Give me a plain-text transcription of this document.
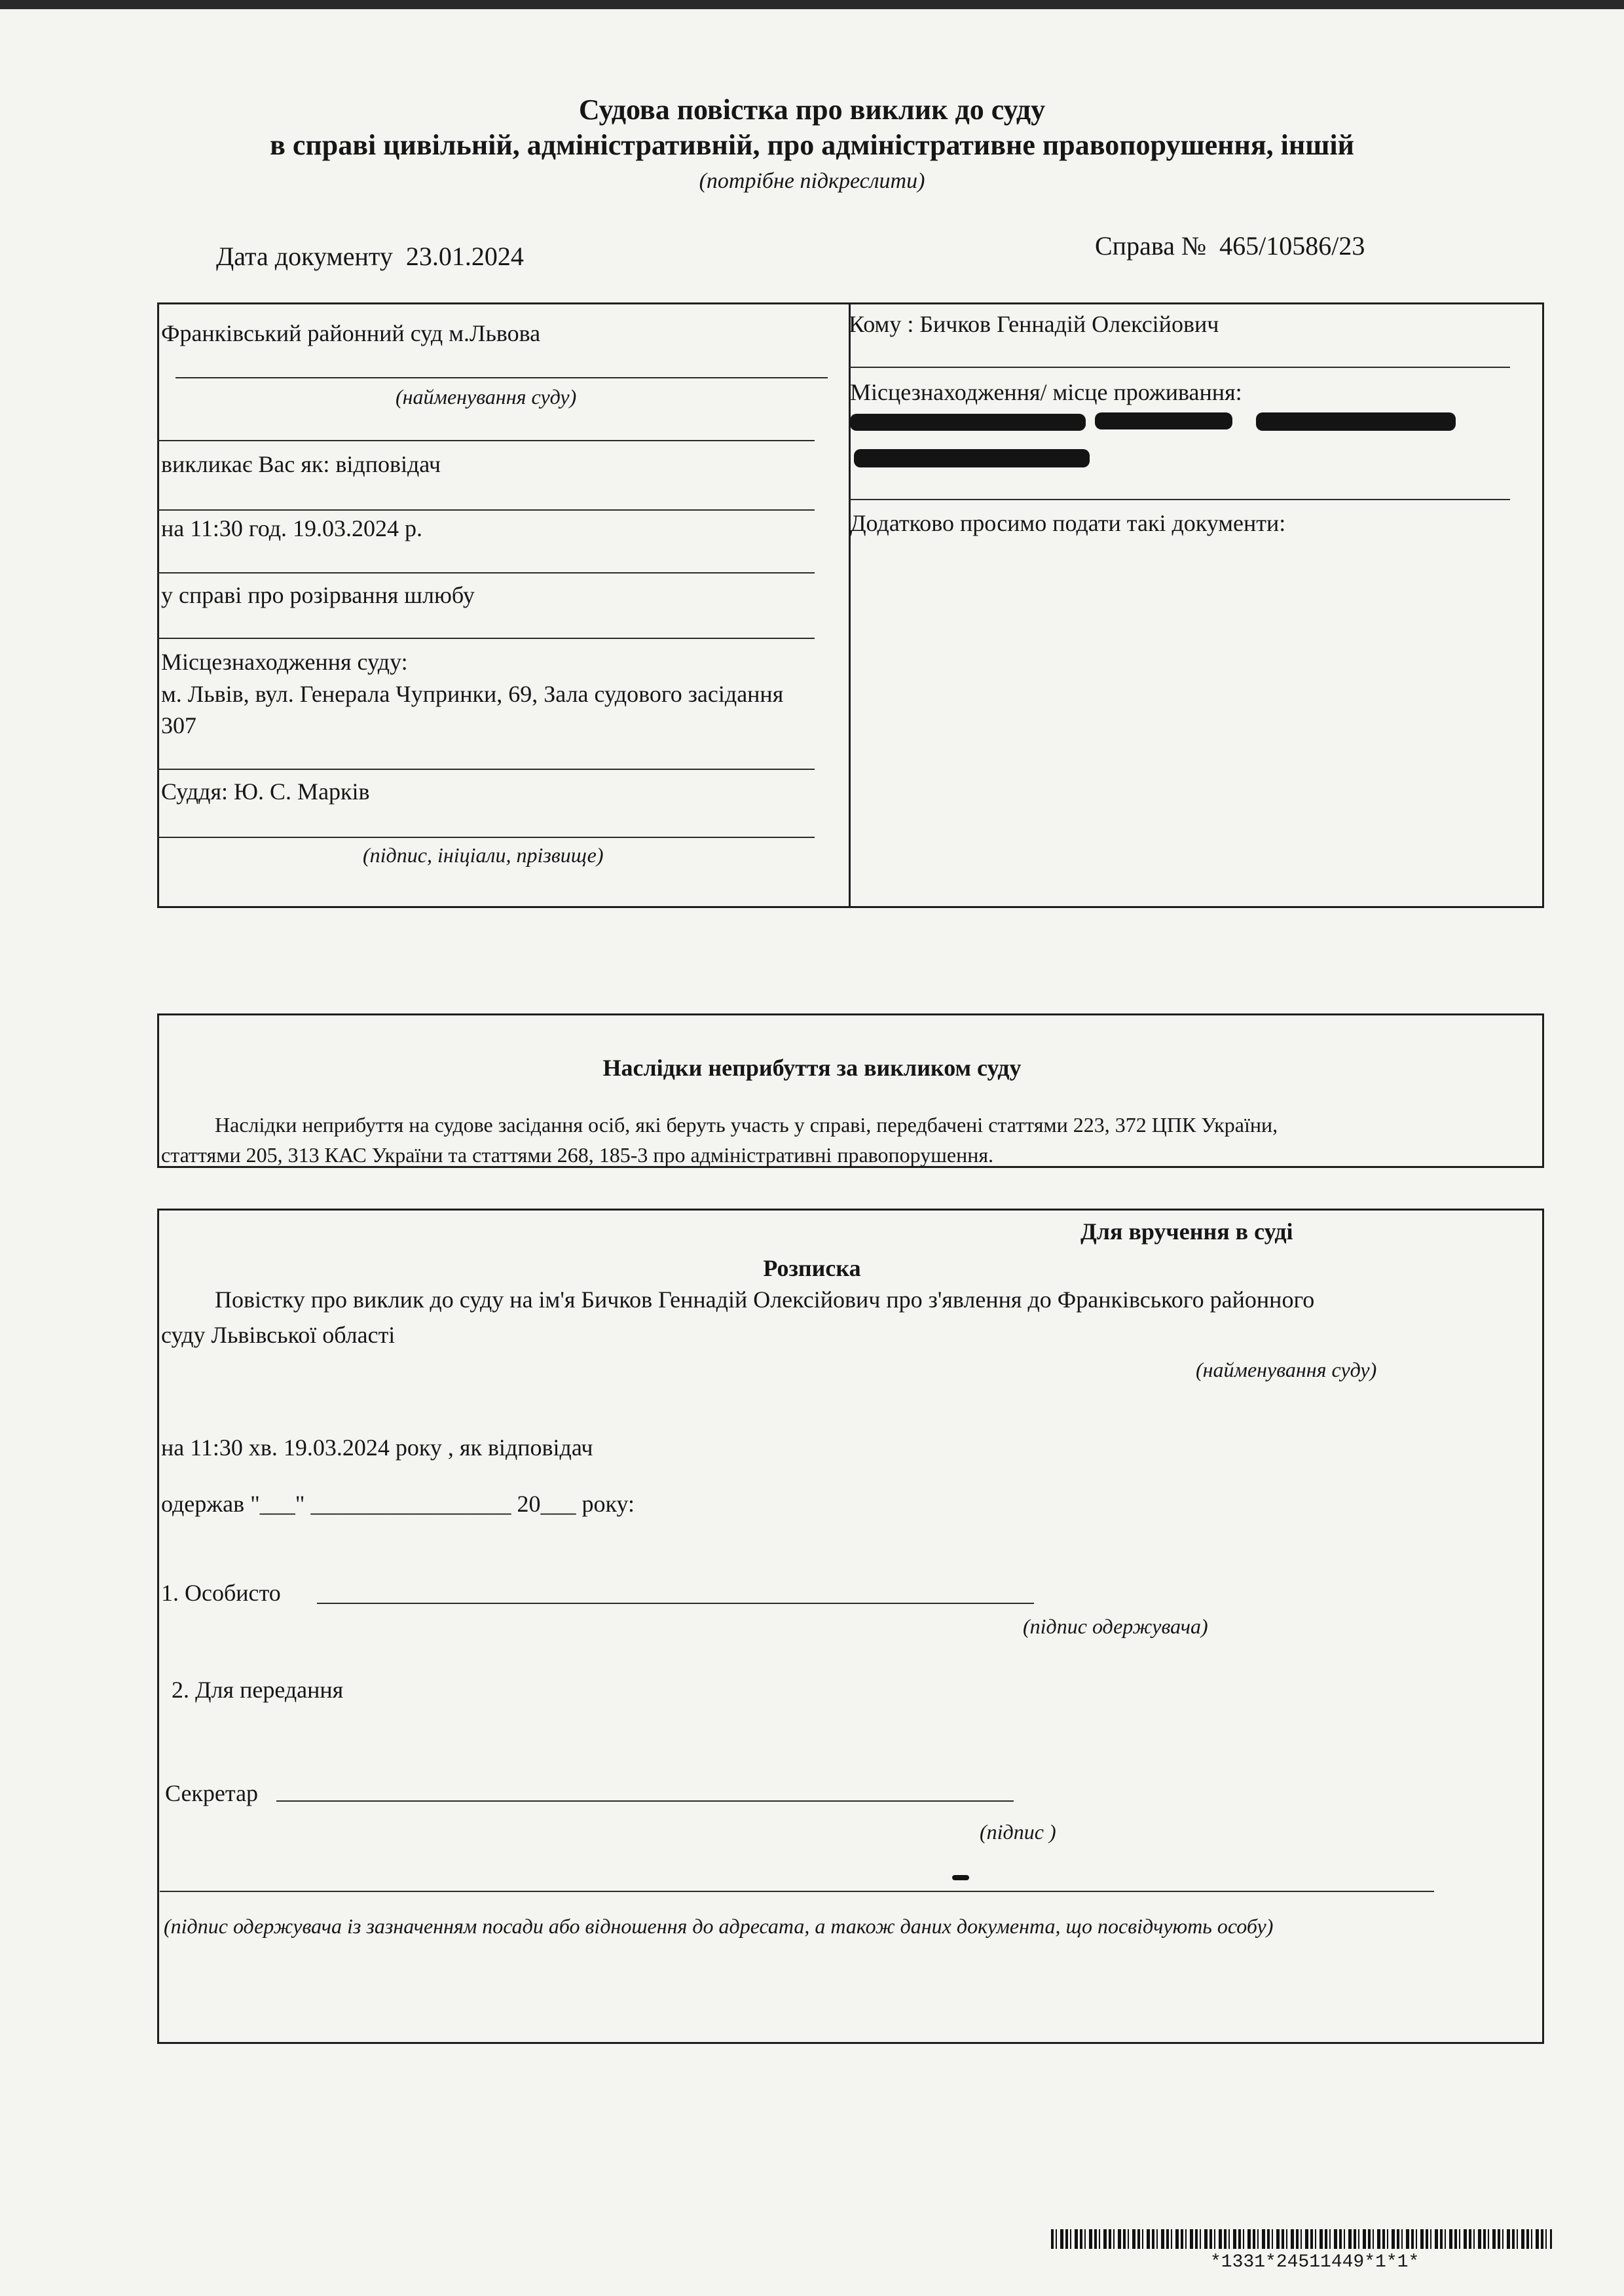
Судова повістка про виклик до суду
в справі цивільній, адміністративній, про адміністративне правопорушення, іншій
(потрібне підкреслити)
Дата документу 23.01.2024	Справа № 465/10586/23
Франківський районний суд м.Львова
(найменування суду)
викликає Вас як: відповідач
на 11:30 год. 19.03.2024 р.
у справі про розірвання шлюбу
Місцезнаходження суду:
м. Львів, вул. Генерала Чупринки, 69, Зала судового засідання 307
Суддя: Ю. С. Марків
(підпис, ініціали, прізвище)
Кому : Бичков Геннадій Олексійович
Місцезнаходження/ місце проживання:
Додатково просимо подати такі документи:
Наслідки неприбуття за викликом суду
Наслідки неприбуття на судове засідання осіб, які беруть участь у справі, передбачені статтями 223, 372 ЦПК України,
статтями 205, 313 КАС України та статтями 268, 185-3 про адміністративні правопорушення.
Для вручення в суді
Розписка
Повістку про виклик до суду на ім'я Бичков Геннадій Олексійович про з'явлення до Франківського районного
суду Львівської області
(найменування суду)
на 11:30 хв. 19.03.2024 року , як відповідач
одержав "___" _________________ 20___ року:
1. Особисто
(підпис одержувача)
2. Для передання
Секретар
(підпис )
(підпис одержувача із зазначенням посади або відношення до адресата, а також даних документа, що посвідчують особу)
*1331*24511449*1*1*
